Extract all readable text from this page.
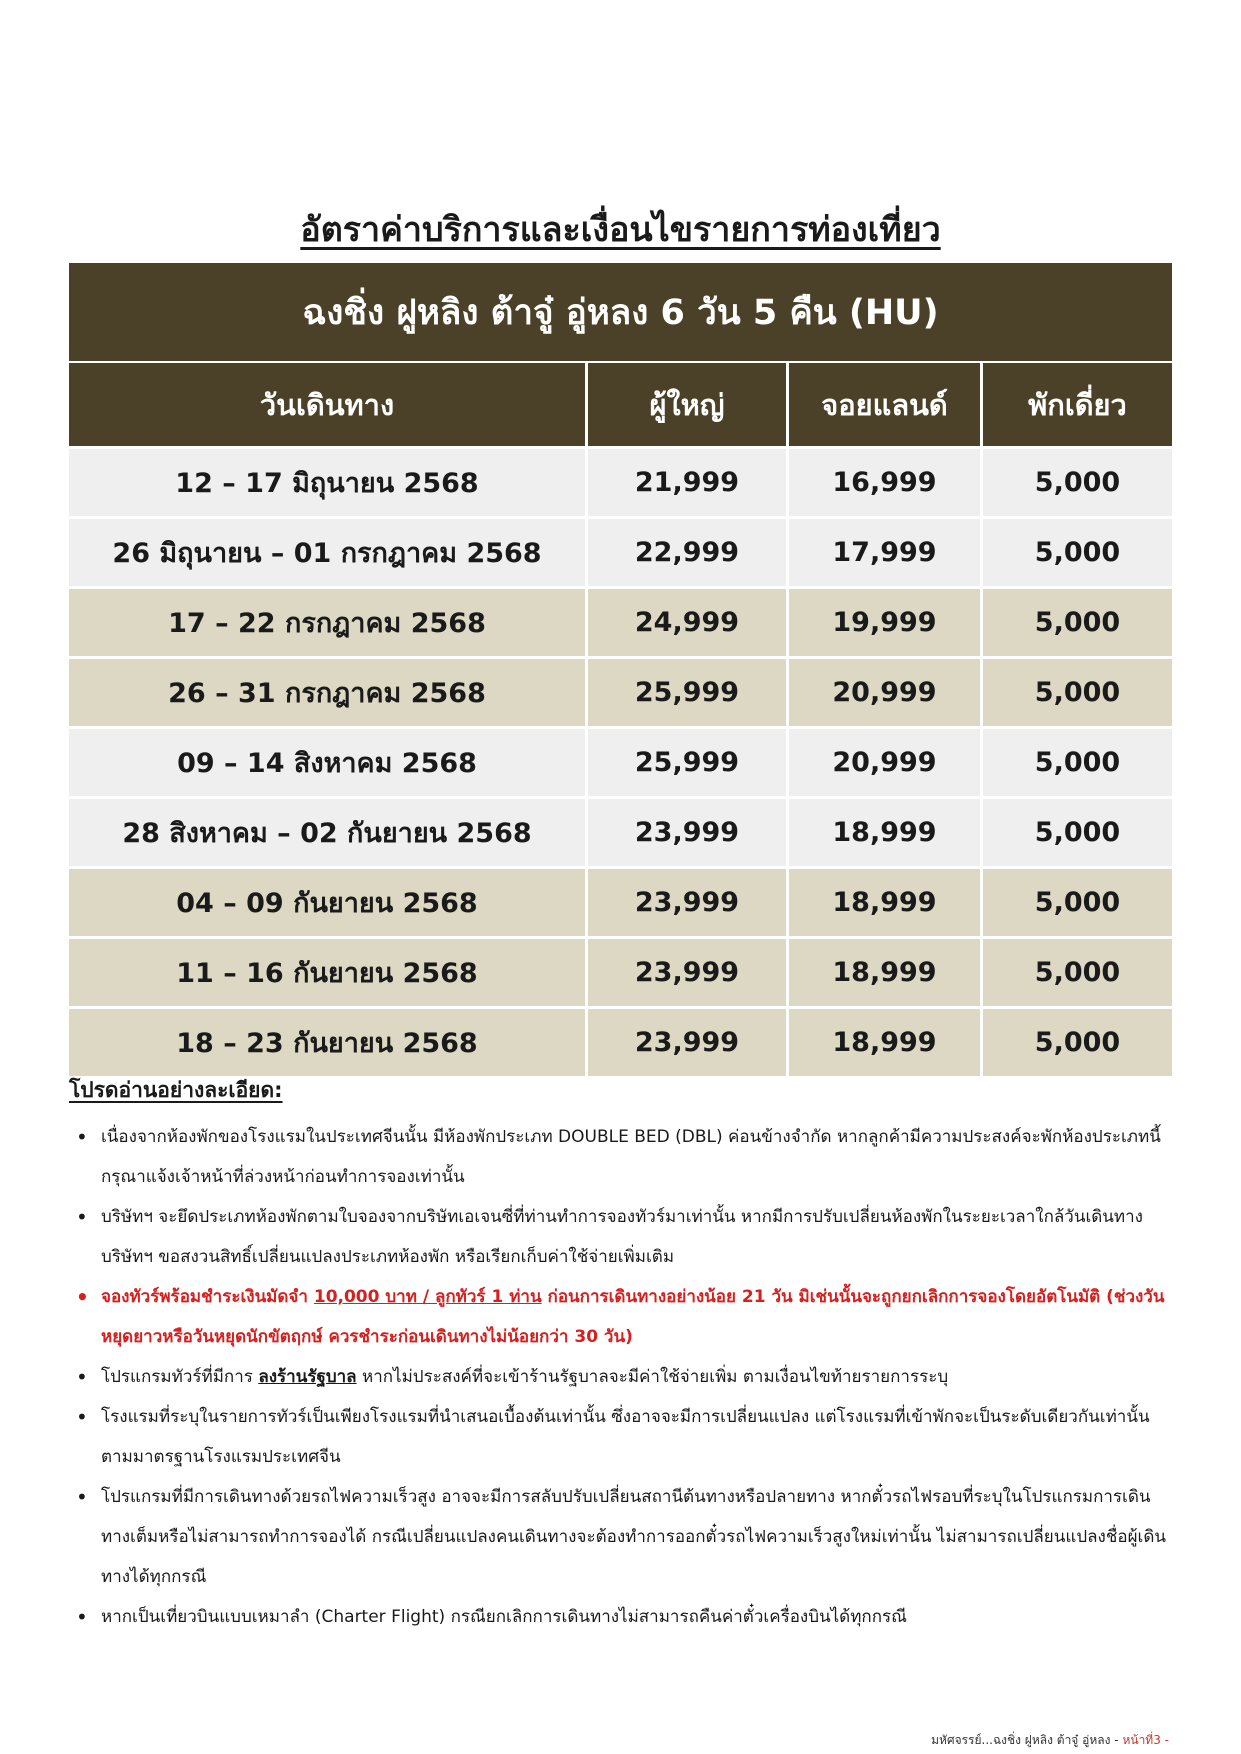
อัตราค่าบริการและเงื่อนไขรายการท่องเที่ยว
ฉงชิ่ง ฝูหลิง ต้าจู๋ อู่หลง 6 วัน 5 คืน (HU)
วันเดินทาง	ผู้ใหญ่	จอยแลนด์	พักเดี่ยว
12 – 17 มิถุนายน 2568	21,999	16,999	5,000
26 มิถุนายน – 01 กรกฎาคม 2568	22,999	17,999	5,000
17 – 22 กรกฎาคม 2568	24,999	19,999	5,000
26 – 31 กรกฎาคม 2568	25,999	20,999	5,000
09 – 14 สิงหาคม 2568	25,999	20,999	5,000
28 สิงหาคม – 02 กันยายน 2568	23,999	18,999	5,000
04 – 09 กันยายน 2568	23,999	18,999	5,000
11 – 16 กันยายน 2568	23,999	18,999	5,000
18 – 23 กันยายน 2568	23,999	18,999	5,000
โปรดอ่านอย่างละเอียด:
• เนื่องจากห้องพักของโรงแรมในประเทศจีนนั้น มีห้องพักประเภท DOUBLE BED (DBL) ค่อนข้างจำกัด หากลูกค้ามีความประสงค์จะพักห้องประเภทนี้ กรุณาแจ้งเจ้าหน้าที่ล่วงหน้าก่อนทำการจองเท่านั้น
• บริษัทฯ จะยึดประเภทห้องพักตามใบจองจากบริษัทเอเจนซี่ที่ท่านทำการจองทัวร์มาเท่านั้น หากมีการปรับเปลี่ยนห้องพักในระยะเวลาใกล้วันเดินทาง บริษัทฯ ขอสงวนสิทธิ์เปลี่ยนแปลงประเภทห้องพัก หรือเรียกเก็บค่าใช้จ่ายเพิ่มเติม
• จองทัวร์พร้อมชำระเงินมัดจำ 10,000 บาท / ลูกทัวร์ 1 ท่าน ก่อนการเดินทางอย่างน้อย 21 วัน มิเช่นนั้นจะถูกยกเลิกการจองโดยอัตโนมัติ (ช่วงวันหยุดยาวหรือวันหยุดนักขัตฤกษ์ ควรชำระก่อนเดินทางไม่น้อยกว่า 30 วัน)
• โปรแกรมทัวร์ที่มีการ ลงร้านรัฐบาล หากไม่ประสงค์ที่จะเข้าร้านรัฐบาลจะมีค่าใช้จ่ายเพิ่ม ตามเงื่อนไขท้ายรายการระบุ
• โรงแรมที่ระบุในรายการทัวร์เป็นเพียงโรงแรมที่นำเสนอเบื้องต้นเท่านั้น ซึ่งอาจจะมีการเปลี่ยนแปลง แต่โรงแรมที่เข้าพักจะเป็นระดับเดียวกันเท่านั้น ตามมาตรฐานโรงแรมประเทศจีน
• โปรแกรมที่มีการเดินทางด้วยรถไฟความเร็วสูง อาจจะมีการสลับปรับเปลี่ยนสถานีต้นทางหรือปลายทาง หากตั๋วรถไฟรอบที่ระบุในโปรแกรมการเดินทางเต็มหรือไม่สามารถทำการจองได้ กรณีเปลี่ยนแปลงคนเดินทางจะต้องทำการออกตั๋วรถไฟความเร็วสูงใหม่เท่านั้น ไม่สามารถเปลี่ยนแปลงชื่อผู้เดินทางได้ทุกกรณี
• หากเป็นเที่ยวบินแบบเหมาลำ (Charter Flight) กรณียกเลิกการเดินทางไม่สามารถคืนค่าตั๋วเครื่องบินได้ทุกกรณี
มหัศจรรย์...ฉงชิ่ง ฝูหลิง ต้าจู๋ อู่หลง - หน้าที่3 -
